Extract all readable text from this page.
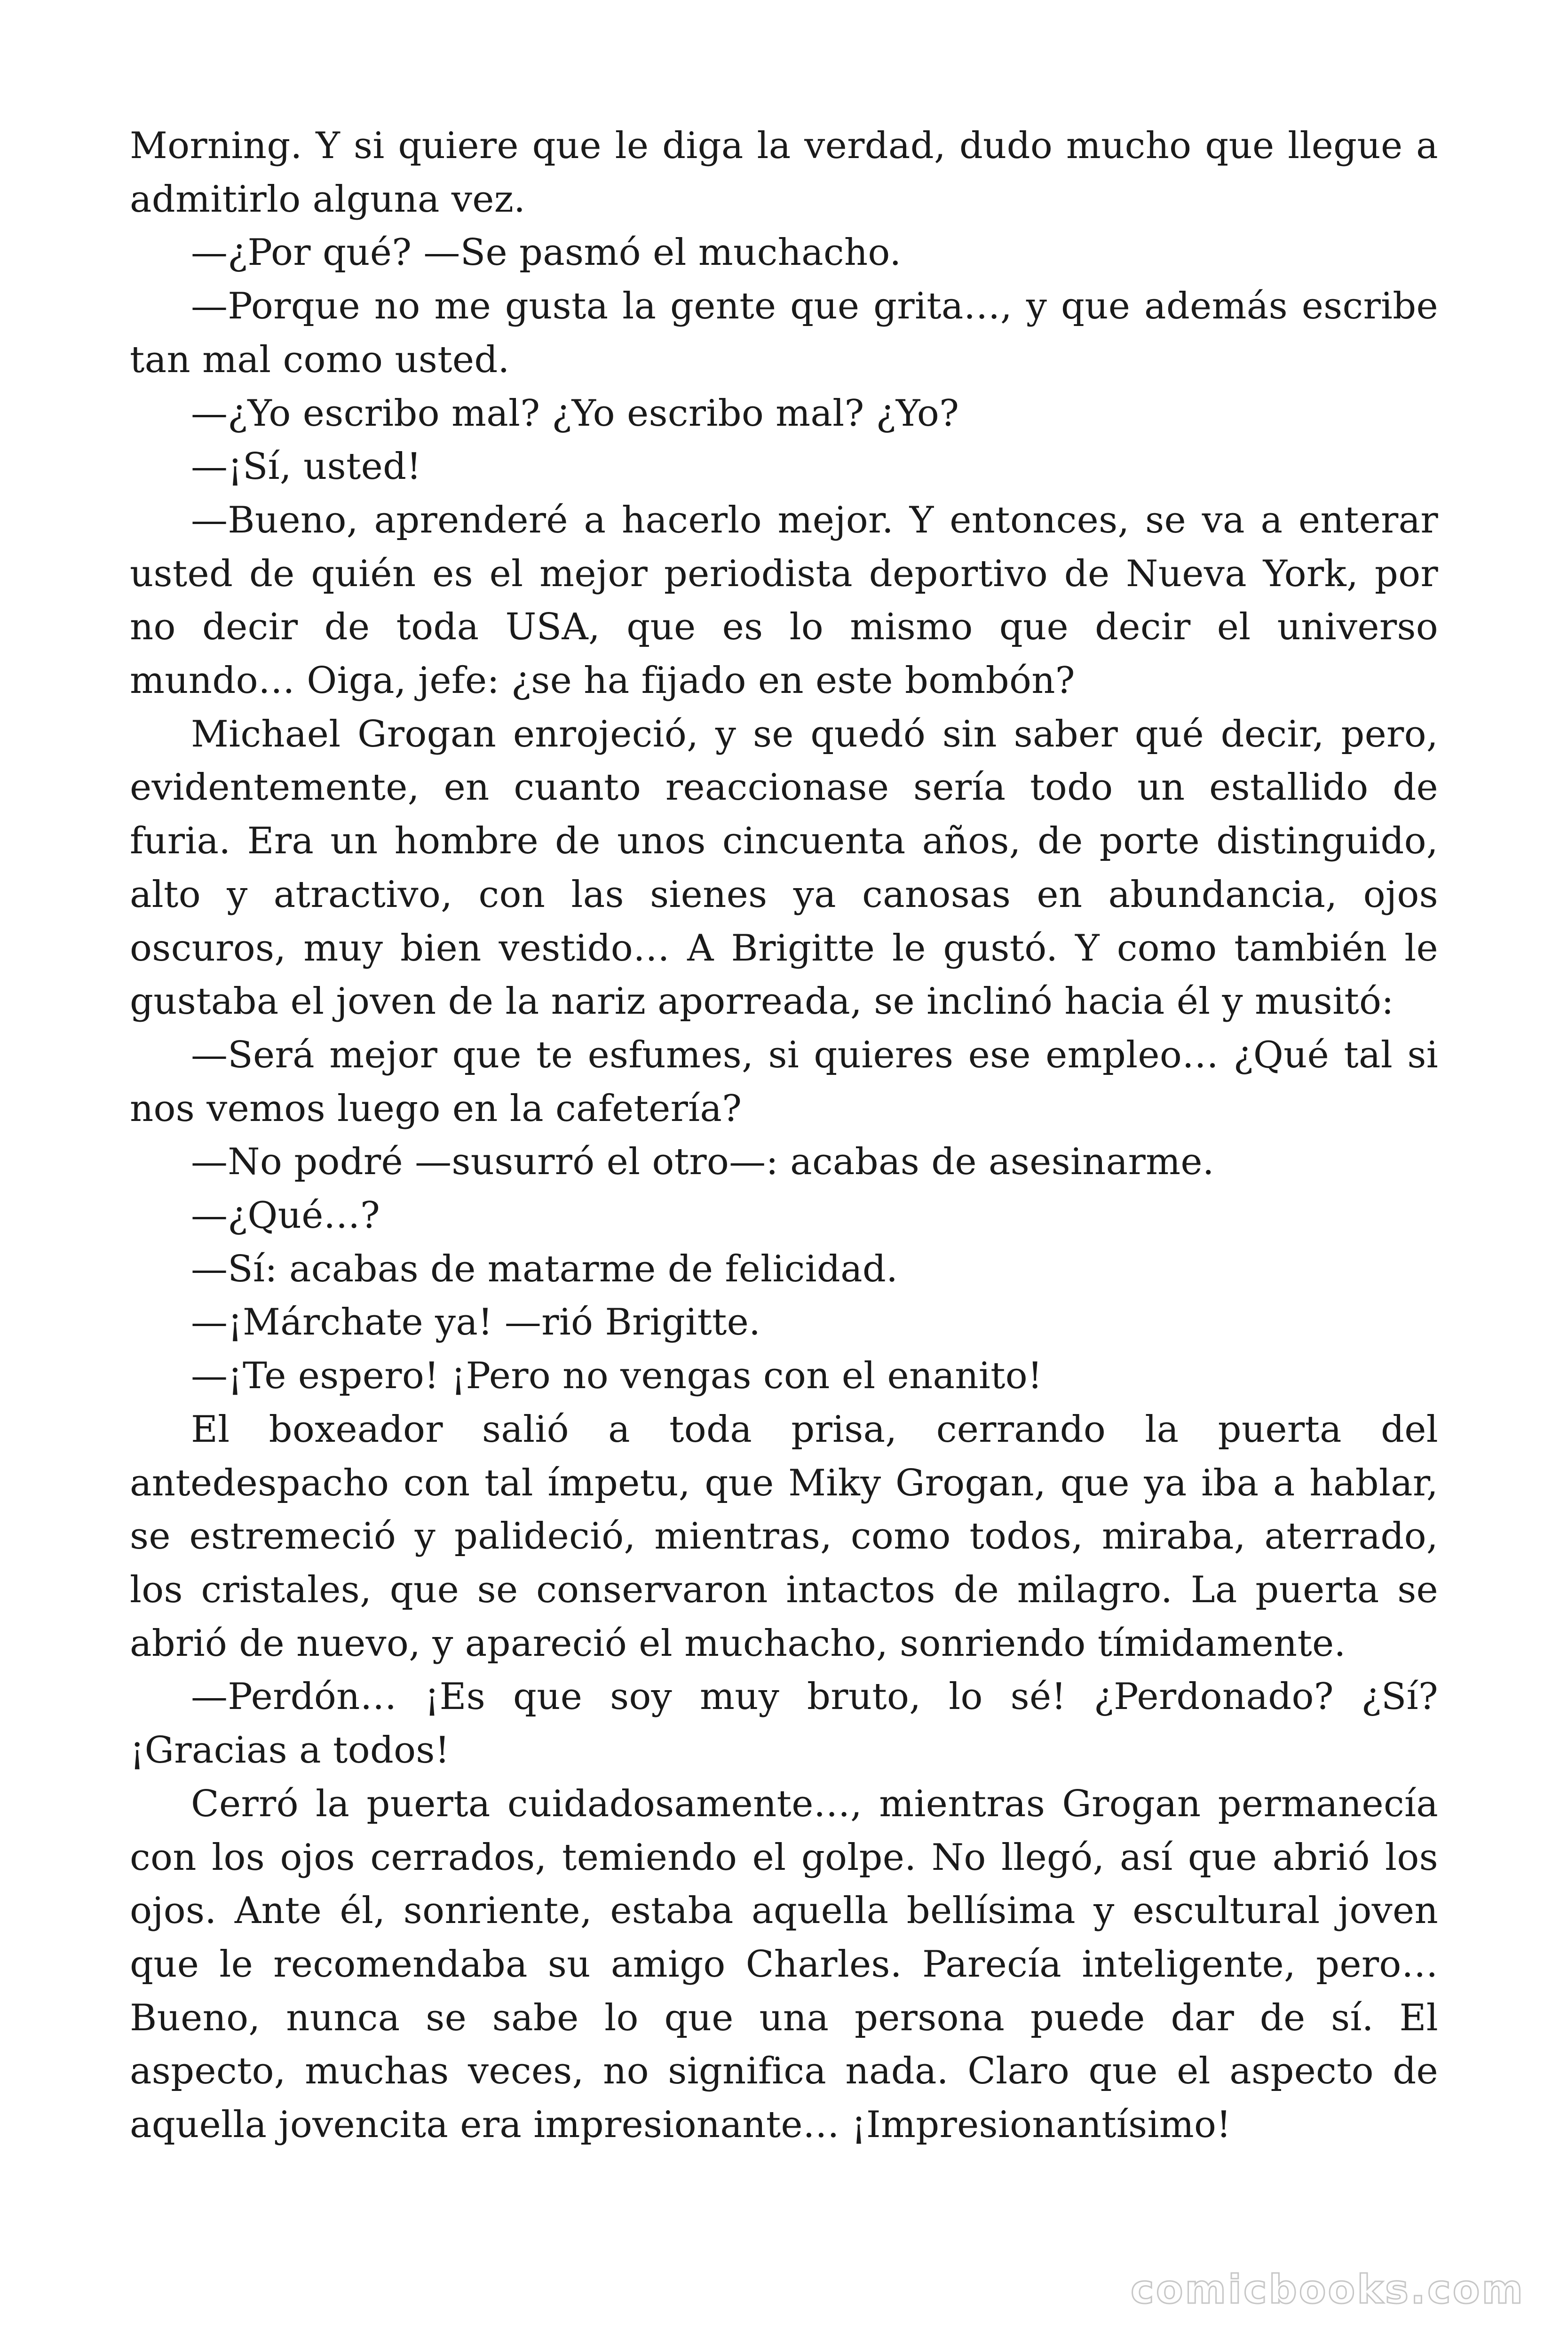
Morning. Y si quiere que le diga la verdad, dudo mucho que llegue a admitirlo alguna vez.

—¿Por qué? —Se pasmó el muchacho.

—Porque no me gusta la gente que grita…, y que además escribe tan mal como usted.

—¿Yo escribo mal? ¿Yo escribo mal? ¿Yo?

—¡Sí, usted!

—Bueno, aprenderé a hacerlo mejor. Y entonces, se va a enterar usted de quién es el mejor periodista deportivo de Nueva York, por no decir de toda USA, que es lo mismo que decir el universo mundo… Oiga, jefe: ¿se ha fijado en este bombón?

Michael Grogan enrojeció, y se quedó sin saber qué decir, pero, evidentemente, en cuanto reaccionase sería todo un estallido de furia. Era un hombre de unos cincuenta años, de porte distinguido, alto y atractivo, con las sienes ya canosas en abundancia, ojos oscuros, muy bien vestido… A Brigitte le gustó. Y como también le gustaba el joven de la nariz aporreada, se inclinó hacia él y musitó:

—Será mejor que te esfumes, si quieres ese empleo… ¿Qué tal si nos vemos luego en la cafetería?

—No podré —susurró el otro—: acabas de asesinarme.

—¿Qué…?

—Sí: acabas de matarme de felicidad.

—¡Márchate ya! —rió Brigitte.

—¡Te espero! ¡Pero no vengas con el enanito!

El boxeador salió a toda prisa, cerrando la puerta del antedespacho con tal ímpetu, que Miky Grogan, que ya iba a hablar, se estremeció y palideció, mientras, como todos, miraba, aterrado, los cristales, que se conservaron intactos de milagro. La puerta se abrió de nuevo, y apareció el muchacho, sonriendo tímidamente.

—Perdón… ¡Es que soy muy bruto, lo sé! ¿Perdonado? ¿Sí? ¡Gracias a todos!

Cerró la puerta cuidadosamente…, mientras Grogan permanecía con los ojos cerrados, temiendo el golpe. No llegó, así que abrió los ojos. Ante él, sonriente, estaba aquella bellísima y escultural joven que le recomendaba su amigo Charles. Parecía inteligente, pero… Bueno, nunca se sabe lo que una persona puede dar de sí. El aspecto, muchas veces, no significa nada. Claro que el aspecto de aquella jovencita era impresionante… ¡Impresionantísimo!

comicbooks.com
